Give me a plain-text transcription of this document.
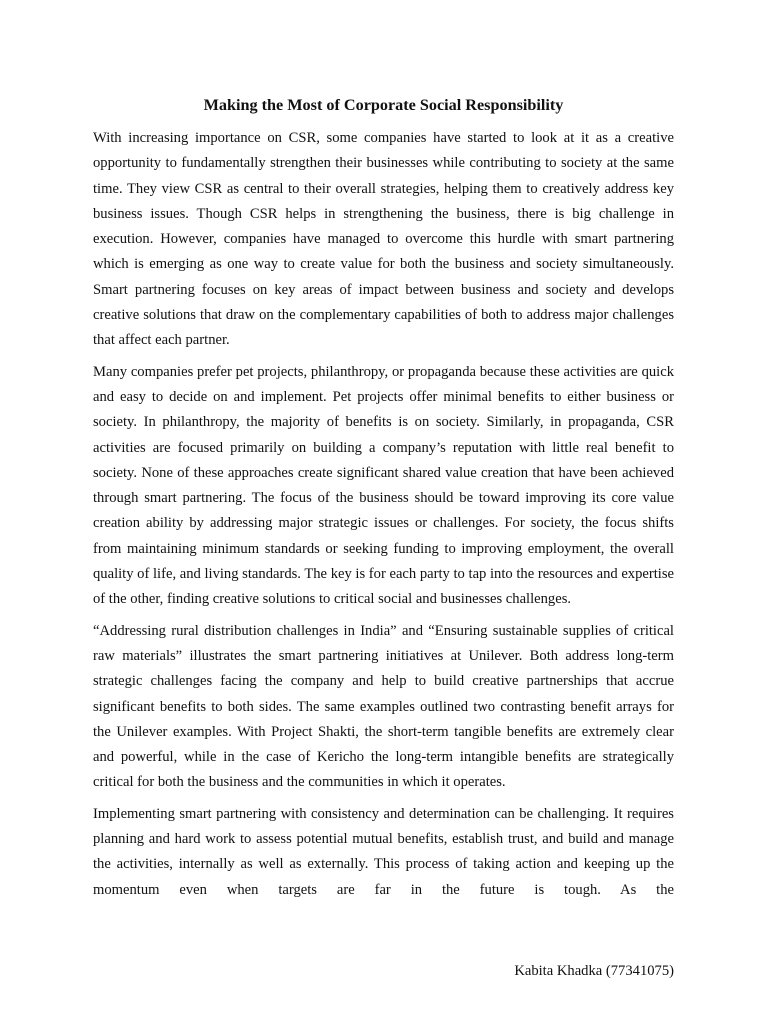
Making the Most of Corporate Social Responsibility

With increasing importance on CSR, some companies have started to look at it as a creative opportunity to fundamentally strengthen their businesses while contributing to society at the same time. They view CSR as central to their overall strategies, helping them to creatively address key business issues. Though CSR helps in strengthening the business, there is big challenge in execution. However, companies have managed to overcome this hurdle with smart partnering which is emerging as one way to create value for both the business and society simultaneously. Smart partnering focuses on key areas of impact between business and society and develops creative solutions that draw on the complementary capabilities of both to address major challenges that affect each partner.

Many companies prefer pet projects, philanthropy, or propaganda because these activities are quick and easy to decide on and implement. Pet projects offer minimal benefits to either business or society. In philanthropy, the majority of benefits is on society. Similarly, in propaganda, CSR activities are focused primarily on building a company’s reputation with little real benefit to society. None of these approaches create significant shared value creation that have been achieved through smart partnering. The focus of the business should be toward improving its core value creation ability by addressing major strategic issues or challenges. For society, the focus shifts from maintaining minimum standards or seeking funding to improving employment, the overall quality of life, and living standards. The key is for each party to tap into the resources and expertise of the other, finding creative solutions to critical social and businesses challenges.

“Addressing rural distribution challenges in India” and “Ensuring sustainable supplies of critical raw materials” illustrates the smart partnering initiatives at Unilever. Both address long-term strategic challenges facing the company and help to build creative partnerships that accrue significant benefits to both sides. The same examples outlined two contrasting benefit arrays for the Unilever examples. With Project Shakti, the short-term tangible benefits are extremely clear and powerful, while in the case of Kericho the long-term intangible benefits are strategically critical for both the business and the communities in which it operates.

Implementing smart partnering with consistency and determination can be challenging. It requires planning and hard work to assess potential mutual benefits, establish trust, and build and manage the activities, internally as well as externally. This process of taking action and keeping up the momentum even when targets are far in the future is tough. As the

Kabita Khadka (77341075)
